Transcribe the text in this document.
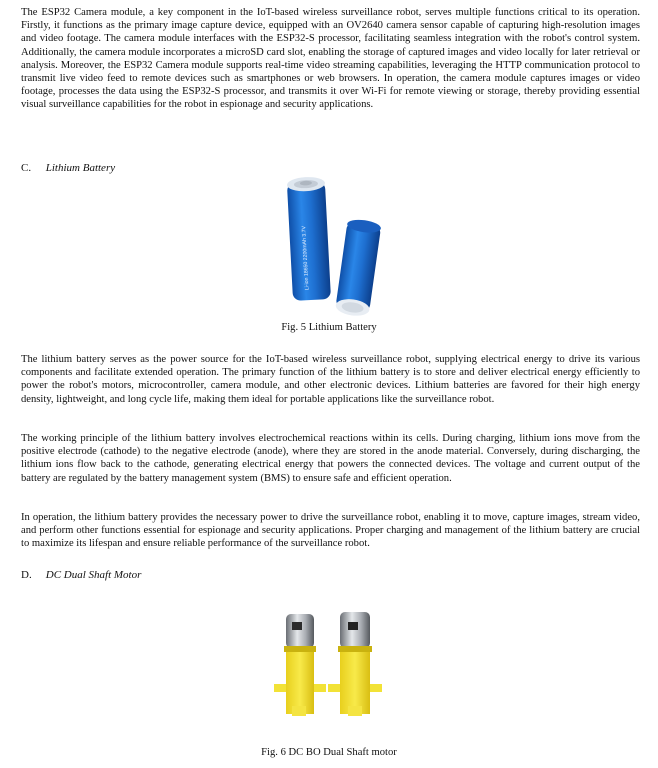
The ESP32 Camera module, a key component in the IoT-based wireless surveillance robot, serves multiple functions critical to its operation. Firstly, it functions as the primary image capture device, equipped with an OV2640 camera sensor capable of capturing high-resolution images and video footage. The camera module interfaces with the ESP32-S processor, facilitating seamless integration with the robot's control system. Additionally, the camera module incorporates a microSD card slot, enabling the storage of captured images and video locally for later retrieval or analysis. Moreover, the ESP32 Camera module supports real-time video streaming capabilities, leveraging the HTTP communication protocol to transmit live video feed to remote devices such as smartphones or web browsers. In operation, the camera module captures images or video footage, processes the data using the ESP32-S processor, and transmits it over Wi-Fi for remote viewing or storage, thereby providing essential visual surveillance capabilities for the robot in espionage and security applications.

C. Lithium Battery

Li-ion 18650 2200mAh 3.7V

Fig. 5 Lithium Battery

The lithium battery serves as the power source for the IoT-based wireless surveillance robot, supplying electrical energy to drive its various components and facilitate extended operation. The primary function of the lithium battery is to store and deliver electrical energy efficiently to power the robot's motors, microcontroller, camera module, and other electronic devices. Lithium batteries are favored for their high energy density, lightweight, and long cycle life, making them ideal for portable applications like the surveillance robot.

The working principle of the lithium battery involves electrochemical reactions within its cells. During charging, lithium ions move from the positive electrode (cathode) to the negative electrode (anode), where they are stored in the anode material. Conversely, during discharging, the lithium ions flow back to the cathode, generating electrical energy that powers the connected devices. The voltage and current output of the battery are regulated by the battery management system (BMS) to ensure safe and efficient operation.

In operation, the lithium battery provides the necessary power to drive the surveillance robot, enabling it to move, capture images, stream video, and perform other functions essential for espionage and security applications. Proper charging and management of the lithium battery are crucial to maximize its lifespan and ensure reliable performance of the surveillance robot.

D. DC Dual Shaft Motor

Fig. 6 DC BO Dual Shaft motor
